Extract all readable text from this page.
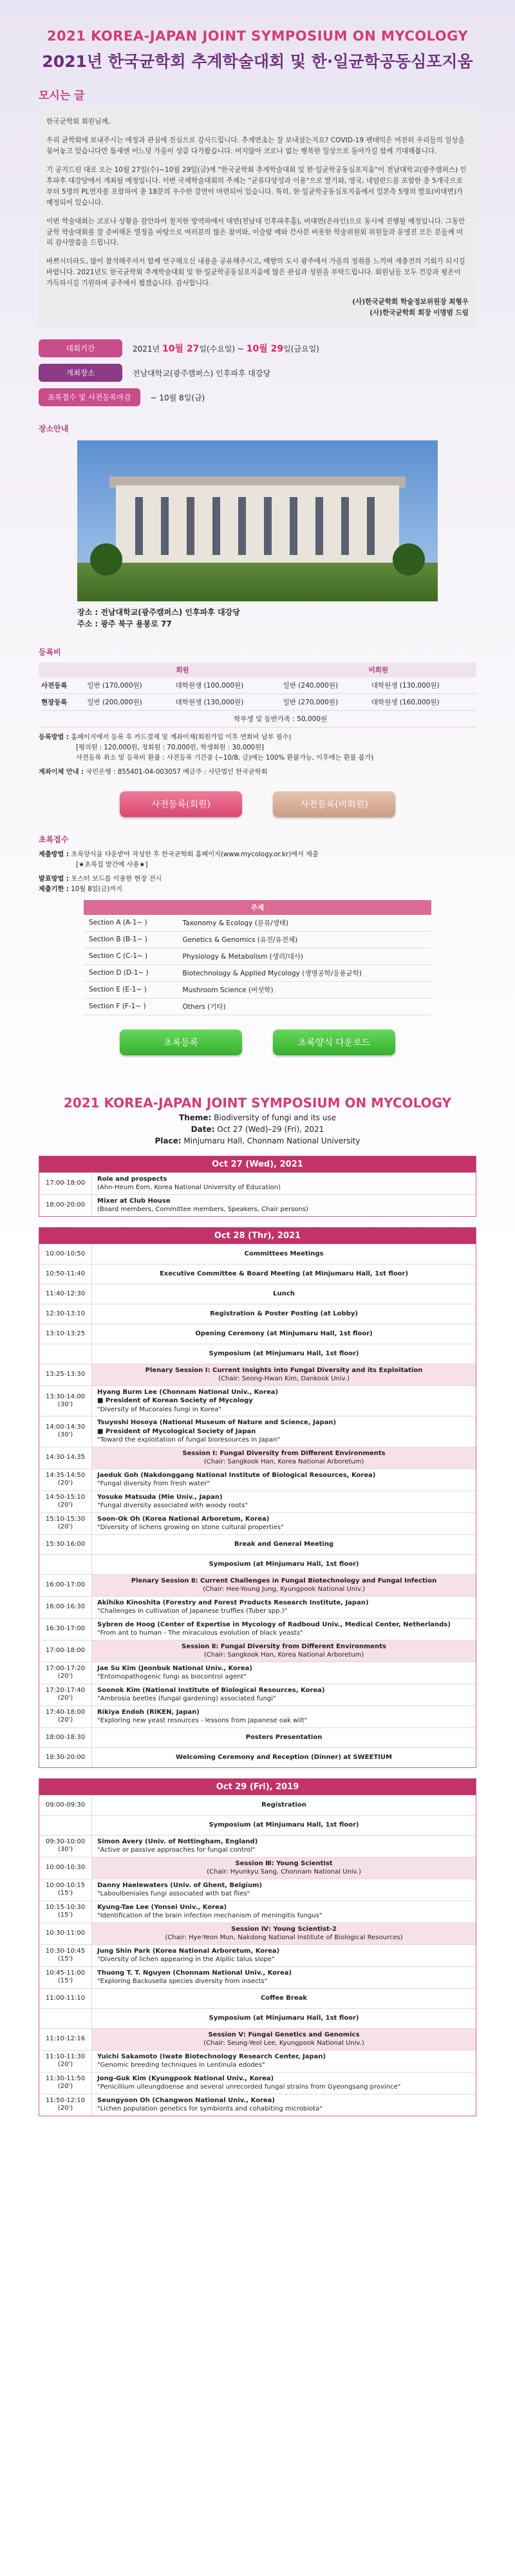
2021 KOREA-JAPAN JOINT SYMPOSIUM ON MYCOLOGY
2021년 한국균학회 추계학술대회 및 한·일균학공동심포지움
모시는 글

한국균학회 회원님께,

우리 균학회에 보내주시는 애정과 관심에 진심으로 감사드립니다. 추계면초는 잘 보내셨는지요? COVID-19 팬데믹은 여전히 우리들의 일상을 묶어놓고 있습니다만 틈새엔 어느덧 가을이 성큼 다가왔습니다. 머지않아 코로나 없는 행복한 일상으로 돌아가길 함께 기대해봅니다.

기 공지드린 대로 오는 10월 27일(수)~10월 29일(금)에 "한국균학회 추계학술대회 및 한·일균학공동심포지움"이 전남대학교(광주캠퍼스) 인후파후 대강당에서 개최될 예정입니다. 이번 국제학술대회의 주제는 "균류다양성과 이용"으로 발기와, 영국, 네덜란드를 포함한 총 5개국으로부터 5명의 PL연자를 포함하여 총 18분의 우수한 강연이 마련되어 있습니다. 특히, 한·일균학공동심포지움에서 일본측 5명의 발표(비대면)가 예정되어 있습니다.

이번 학술대회는 코로나 상황을 감안하여 철저한 방역하에서 대면(전남대 인후파후홀), 비대면(온라인)으로 동시에 진행될 예정입니다. 그동안 균학 학술대회를 잘 준비해온 열정을 바탕으로 여러분의 많은 참여와, 이슬람 예와 간사분 비롯한 학술위원회 위원들과 운영진 모든 분들께 미리 감사말씀을 드립니다.

바쁘시더라도, 많이 참석해주셔서 함께 연구해오신 내용을 공유해주시고, 예향의 도시 광주에서 가을의 정취를 느끼며 재충전의 기회가 되시길 바랍니다. 2021년도 한국균학회 추계학술대회 및 한·일균학공동심포지움에 많은 관심과 성원을 부탁드립니다. 회원님들 모두 건강과 평온이 가득하시길 기원하며 공주에서 뵙겠습니다. 감사합니다.

(사)한국균학회 학술정보위원장 최형우

(사)한국균학회 회장 이명범 드림

대회기간	2021년 10월 27일(수요일) ~ 10월 29일(금요일)
개최장소	전남대학교(광주캠퍼스) 인후파후 대강당
초록접수 및 사전등록마감	~ 10월 8일(금)
장소안내
장소 : 전남대학교(광주캠퍼스) 인후파후 대강당
주소 : 광주 북구 용봉로 77
등록비
	회원		비회원	
사전등록	일반 (170,000원)	대학원생 (100,000원)	일반 (240,000원)	대학원생 (130,000원)
현장등록	일반 (200,000원)	대학원생 (130,000원)	일반 (270,000원)	대학원생 (160,000원)
	학부생 및 동반가족 : 50,000원			
등록방법 : 홈페이지에서 등록 후 카드결제 및 계좌이체(회원가입 이후 연회비 납부 필수)
[평의원 : 120,000원, 정회원 : 70,000원, 학생회원 : 30,000원]
사전등록 취소 및 등록비 환불 : 사전등록 기간중 (~10/8, 금)에는 100% 환불가능, 이후에는 환불 불가)
계좌이체 안내 : 국민은행 : 855401-04-003057 예금주 : 사단법인 한국균학회
사전등록(회원)	사전등록(비회원)
초록접수
제출방법 : 초록양식을 다운받아 작성한 후 한국균학회 홈페이지(www.mycology.or.kr)에서 제출
[★초록집 발간에 사용★]
발표방법 : 포스터 보드를 이용한 현장 전시
제출기한 : 10월 8일(금)까지
주제	
Section A (A-1~ )	Taxonomy & Ecology (분류/생태)
Section B (B-1~ )	Genetics & Genomics (유전/유전체)
Section C (C-1~ )	Physiology & Metabolism (생리/대사)
Section D (D-1~ )	Biotechnology & Applied Mycology (생명공학/응용균학)
Section E (E-1~ )	Mushroom Science (버섯학)
Section F (F-1~ )	Others (기타)
초록등록	초록양식 다운로드
2021 KOREA-JAPAN JOINT SYMPOSIUM ON MYCOLOGY
Theme: Biodiversity of fungi and its use
Date: Oct 27 (Wed)–29 (Fri), 2021
Place: Minjumaru Hall, Chonnam National University
Oct 27 (Wed), 2021
17:00-18:00
Role and prospects
(Ahn-Heum Eom, Korea National University of Education)
18:00-20:00
Mixer at Club House
(Board members, Committee members, Speakers, Chair persons)
Oct 28 (Thr), 2021
10:00-10:50	Committees Meetings
10:50-11:40	Executive Committee & Board Meeting (at Minjumaru Hall, 1st floor)
11:40-12:30	Lunch
12:30-13:10	Registration & Poster Posting (at Lobby)
13:10-13:25	Opening Ceremony (at Minjumaru Hall, 1st floor)
Symposium (at Minjumaru Hall, 1st floor)
13:25-13:30
Plenary Session Ⅰ: Current Insights into Fungal Diversity and its Exploitation
(Chair: Seong-Hwan Kim, Dankook Univ.)
13:30-14:00
(30')
Hyang Burm Lee (Chonnam National Univ., Korea)
■ President of Korean Society of Mycology
"Diversity of Mucorales fungi in Korea"
14:00-14:30
(30')
Tsuyoshi Hosoya (National Museum of Nature and Science, Japan)
■ President of Mycological Society of Japan
"Toward the exploitation of fungal bioresources in Japan"
14:30-14:35
Session Ⅰ: Fungal Diversity from Different Environments
(Chair: Sangkook Han, Korea National Arboretum)
14:35-14:50
(20')
Jaeduk Goh (Nakdonggang National Institute of Biological Resources, Korea)
"Fungal diversity from fresh water"
14:50-15:10
(20')
Yosuke Matsuda (Mie Univ., Japan)
"Fungal diversity associated with woody roots"
15:10-15:30
(20')
Soon-Ok Oh (Korea National Arboretum, Korea)
"Diversity of lichens growing on stone cultural properties"
15:30-16:00	Break and General Meeting
Symposium (at Minjumaru Hall, 1st floor)
16:00-17:00
Plenary Session Ⅱ: Current Challenges in Fungal Biotechnology and Fungal Infection
(Chair: Hee-Young Jung, Kyungpook National Univ.)
16:00-16:30
Akihiko Kinoshita (Forestry and Forest Products Research Institute, Japan)
"Challenges in cultivation of Japanese truffles (Tuber spp.)"
16:30-17:00
Sybren de Hoog (Center of Expertise in Mycology of Radboud Univ., Medical Center, Netherlands)
"From ant to human - The miraculous evolution of black yeasts"
17:00-18:00
Session Ⅱ: Fungal Diversity from Different Environments
(Chair: Sangkook Han, Korea National Arboretum)
17:00-17:20
(20')
Jae Su Kim (Jeonbuk National Univ., Korea)
"Entomopathogenic fungi as biocontrol agent"
17:20-17:40
(20')
Soonok Kim (National Institute of Biological Resources, Korea)
"Ambrosia beetles (fungal gardening) associated fungi"
17:40-18:00
(20')
Rikiya Endoh (RIKEN, Japan)
"Exploring new yeast resources - lessons from Japanese oak wilt"
18:00-18:30	Posters Presentation
18:30-20:00	Welcoming Ceremony and Reception (Dinner) at SWEETIUM
Oct 29 (Fri), 2019
09:00-09:30	Registration
Symposium (at Minjumaru Hall, 1st floor)
09:30-10:00
(30')
Simon Avery (Univ. of Nottingham, England)
"Active or passive approaches for fungal control"
10:00-10:30
Session Ⅲ: Young Scientist
(Chair: Hyunkyu Sang, Chonnam National Univ.)
10:00-10:15
(15')
Danny Haelewaters (Univ. of Ghent, Belgium)
"Laboulbeniales fungi associated with bat flies"
10:15-10:30
(15')
Kyung-Tae Lee (Yonsei Univ., Korea)
"Identification of the brain infection mechanism of meningitis fungus"
10:30-11:00
Session Ⅳ: Young Scientist-2
(Chair: Hye-Yeon Mun, Nakdong National Institute of Biological Resources)
10:30-10:45
(15')
Jung Shin Park (Korea National Arboretum, Korea)
"Diversity of lichen appearing in the Alpllic talus slope"
10:45-11:00
(15')
Thuong T. T. Nguyen (Chonnam National Univ., Korea)
"Exploring Backusella species diversity from insects"
11:00-11:10	Coffee Break
Symposium (at Minjumaru Hall, 1st floor)
11:10-12:16
Session Ⅴ: Fungal Genetics and Genomics
(Chair: Seung-Yeol Lee, Kyungpook National Univ.)
11:10-11:30
(20')
Yuichi Sakamoto (Iwate Biotechnology Research Center, Japan)
"Genomic breeding techniques in Lentinula edodes"
11:30-11:50
(20')
Jong-Guk Kim (Kyungpook National Univ., Korea)
"Penicillium ulleungdoense and several unrecorded fungal strains from Gyeongsang province"
11:50-12:10
(20')
Seungyoon Oh (Changwon National Univ., Korea)
"Lichen population genetics for symbionts and cohabiting microbiota"
